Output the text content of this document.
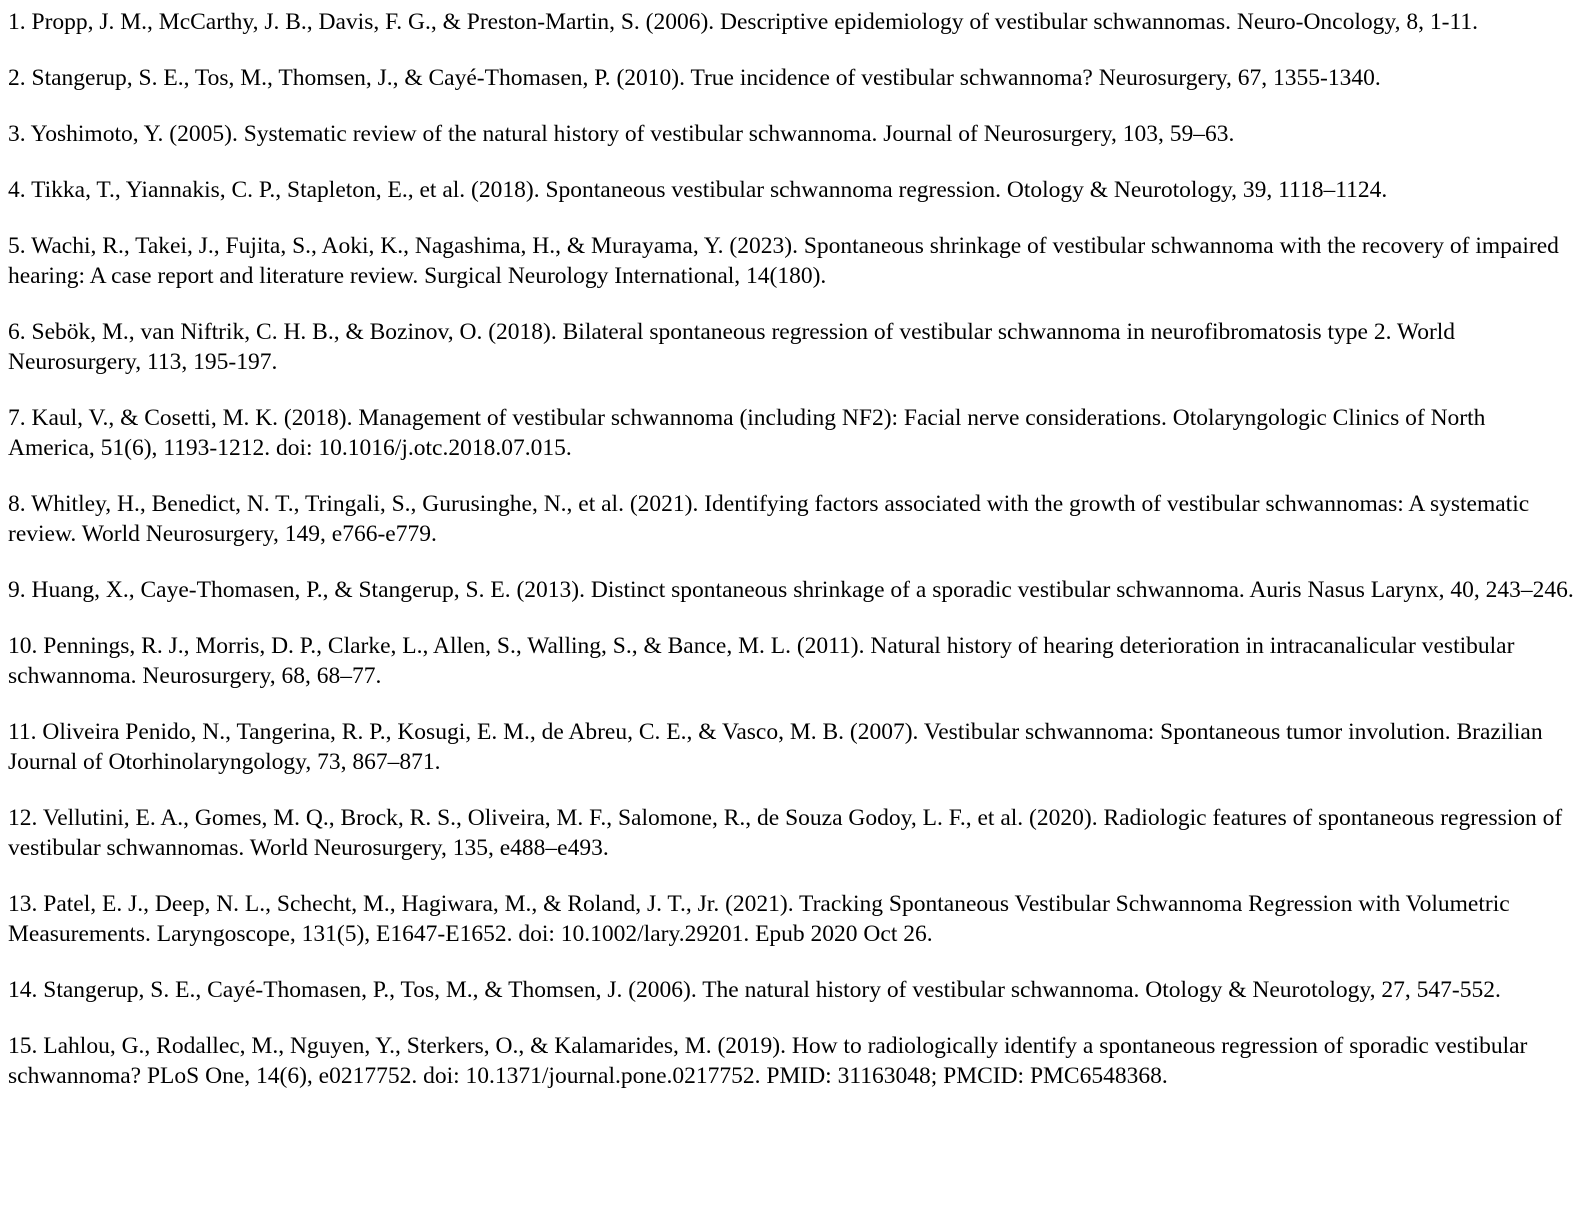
1. Propp, J. M., McCarthy, J. B., Davis, F. G., & Preston-Martin, S. (2006). Descriptive epidemiology of vestibular schwannomas. Neuro-Oncology, 8, 1-11.
2. Stangerup, S. E., Tos, M., Thomsen, J., & Cayé-Thomasen, P. (2010). True incidence of vestibular schwannoma? Neurosurgery, 67, 1355-1340.
3. Yoshimoto, Y. (2005). Systematic review of the natural history of vestibular schwannoma. Journal of Neurosurgery, 103, 59–63.
4. Tikka, T., Yiannakis, C. P., Stapleton, E., et al. (2018). Spontaneous vestibular schwannoma regression. Otology & Neurotology, 39, 1118–1124.
5. Wachi, R., Takei, J., Fujita, S., Aoki, K., Nagashima, H., & Murayama, Y. (2023). Spontaneous shrinkage of vestibular schwannoma with the recovery of impaired hearing: A case report and literature review. Surgical Neurology International, 14(180).
6. Sebök, M., van Niftrik, C. H. B., & Bozinov, O. (2018). Bilateral spontaneous regression of vestibular schwannoma in neurofibromatosis type 2. World Neurosurgery, 113, 195-197.
7. Kaul, V., & Cosetti, M. K. (2018). Management of vestibular schwannoma (including NF2): Facial nerve considerations. Otolaryngologic Clinics of North America, 51(6), 1193-1212. doi: 10.1016/j.otc.2018.07.015.
8. Whitley, H., Benedict, N. T., Tringali, S., Gurusinghe, N., et al. (2021). Identifying factors associated with the growth of vestibular schwannomas: A systematic review. World Neurosurgery, 149, e766-e779.
9. Huang, X., Caye-Thomasen, P., & Stangerup, S. E. (2013). Distinct spontaneous shrinkage of a sporadic vestibular schwannoma. Auris Nasus Larynx, 40, 243–246.
10. Pennings, R. J., Morris, D. P., Clarke, L., Allen, S., Walling, S., & Bance, M. L. (2011). Natural history of hearing deterioration in intracanalicular vestibular schwannoma. Neurosurgery, 68, 68–77.
11. Oliveira Penido, N., Tangerina, R. P., Kosugi, E. M., de Abreu, C. E., & Vasco, M. B. (2007). Vestibular schwannoma: Spontaneous tumor involution. Brazilian Journal of Otorhinolaryngology, 73, 867–871.
12. Vellutini, E. A., Gomes, M. Q., Brock, R. S., Oliveira, M. F., Salomone, R., de Souza Godoy, L. F., et al. (2020). Radiologic features of spontaneous regression of vestibular schwannomas. World Neurosurgery, 135, e488–e493.
13. Patel, E. J., Deep, N. L., Schecht, M., Hagiwara, M., & Roland, J. T., Jr. (2021). Tracking Spontaneous Vestibular Schwannoma Regression with Volumetric Measurements. Laryngoscope, 131(5), E1647-E1652. doi: 10.1002/lary.29201. Epub 2020 Oct 26.
14. Stangerup, S. E., Cayé-Thomasen, P., Tos, M., & Thomsen, J. (2006). The natural history of vestibular schwannoma. Otology & Neurotology, 27, 547-552.
15. Lahlou, G., Rodallec, M., Nguyen, Y., Sterkers, O., & Kalamarides, M. (2019). How to radiologically identify a spontaneous regression of sporadic vestibular schwannoma? PLoS One, 14(6), e0217752. doi: 10.1371/journal.pone.0217752. PMID: 31163048; PMCID: PMC6548368.
